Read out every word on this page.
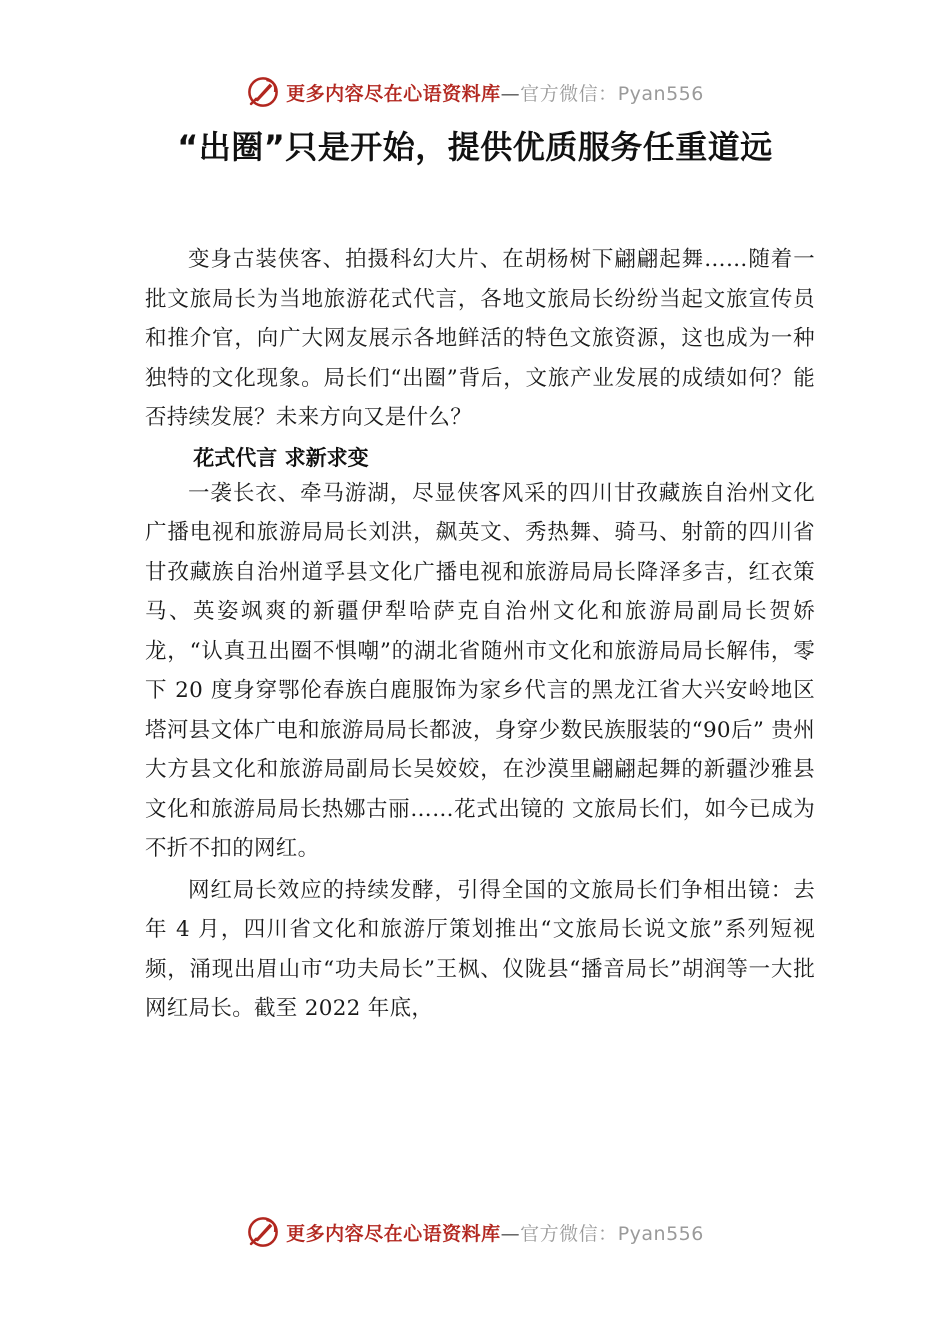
更多内容尽在心语资料库—官方微信：Pyan556
“出圈”只是开始，提供优质服务任重道远

变身古装侠客、拍摄科幻大片、在胡杨树下翩翩起舞……随着一批文旅局长为当地旅游花式代言，各地文旅局长纷纷当起文旅宣传员和推介官，向广大网友展示各地鲜活的特色文旅资源，这也成为一种独特的文化现象。局长们“出圈”背后，文旅产业发展的成绩如何？能否持续发展？未来方向又是什么？

花式代言 求新求变

一袭长衣、牵马游湖，尽显侠客风采的四川甘孜藏族自治州文化广播电视和旅游局局长刘洪，飙英文、秀热舞、骑马、射箭的四川省甘孜藏族自治州道孚县文化广播电视和旅游局局长降泽多吉，红衣策马、英姿飒爽的新疆伊犁哈萨克自治州文化和旅游局副局长贺娇龙，“认真丑出圈不惧嘲”的湖北省随州市文化和旅游局局长解伟，零下 20 度身穿鄂伦春族白鹿服饰为家乡代言的黑龙江省大兴安岭地区塔河县文体广电和旅游局局长都波，身穿少数民族服装的“90后” 贵州大方县文化和旅游局副局长吴姣姣，在沙漠里翩翩起舞的新疆沙雅县文化和旅游局局长热娜古丽……花式出镜的 文旅局长们，如今已成为不折不扣的网红。

网红局长效应的持续发酵，引得全国的文旅局长们争相出镜：去年 4 月，四川省文化和旅游厅策划推出“文旅局长说文旅”系列短视频，涌现出眉山市“功夫局长”王枫、仪陇县“播音局长”胡润等一大批网红局长。截至 2022 年底，

更多内容尽在心语资料库—官方微信：Pyan556
